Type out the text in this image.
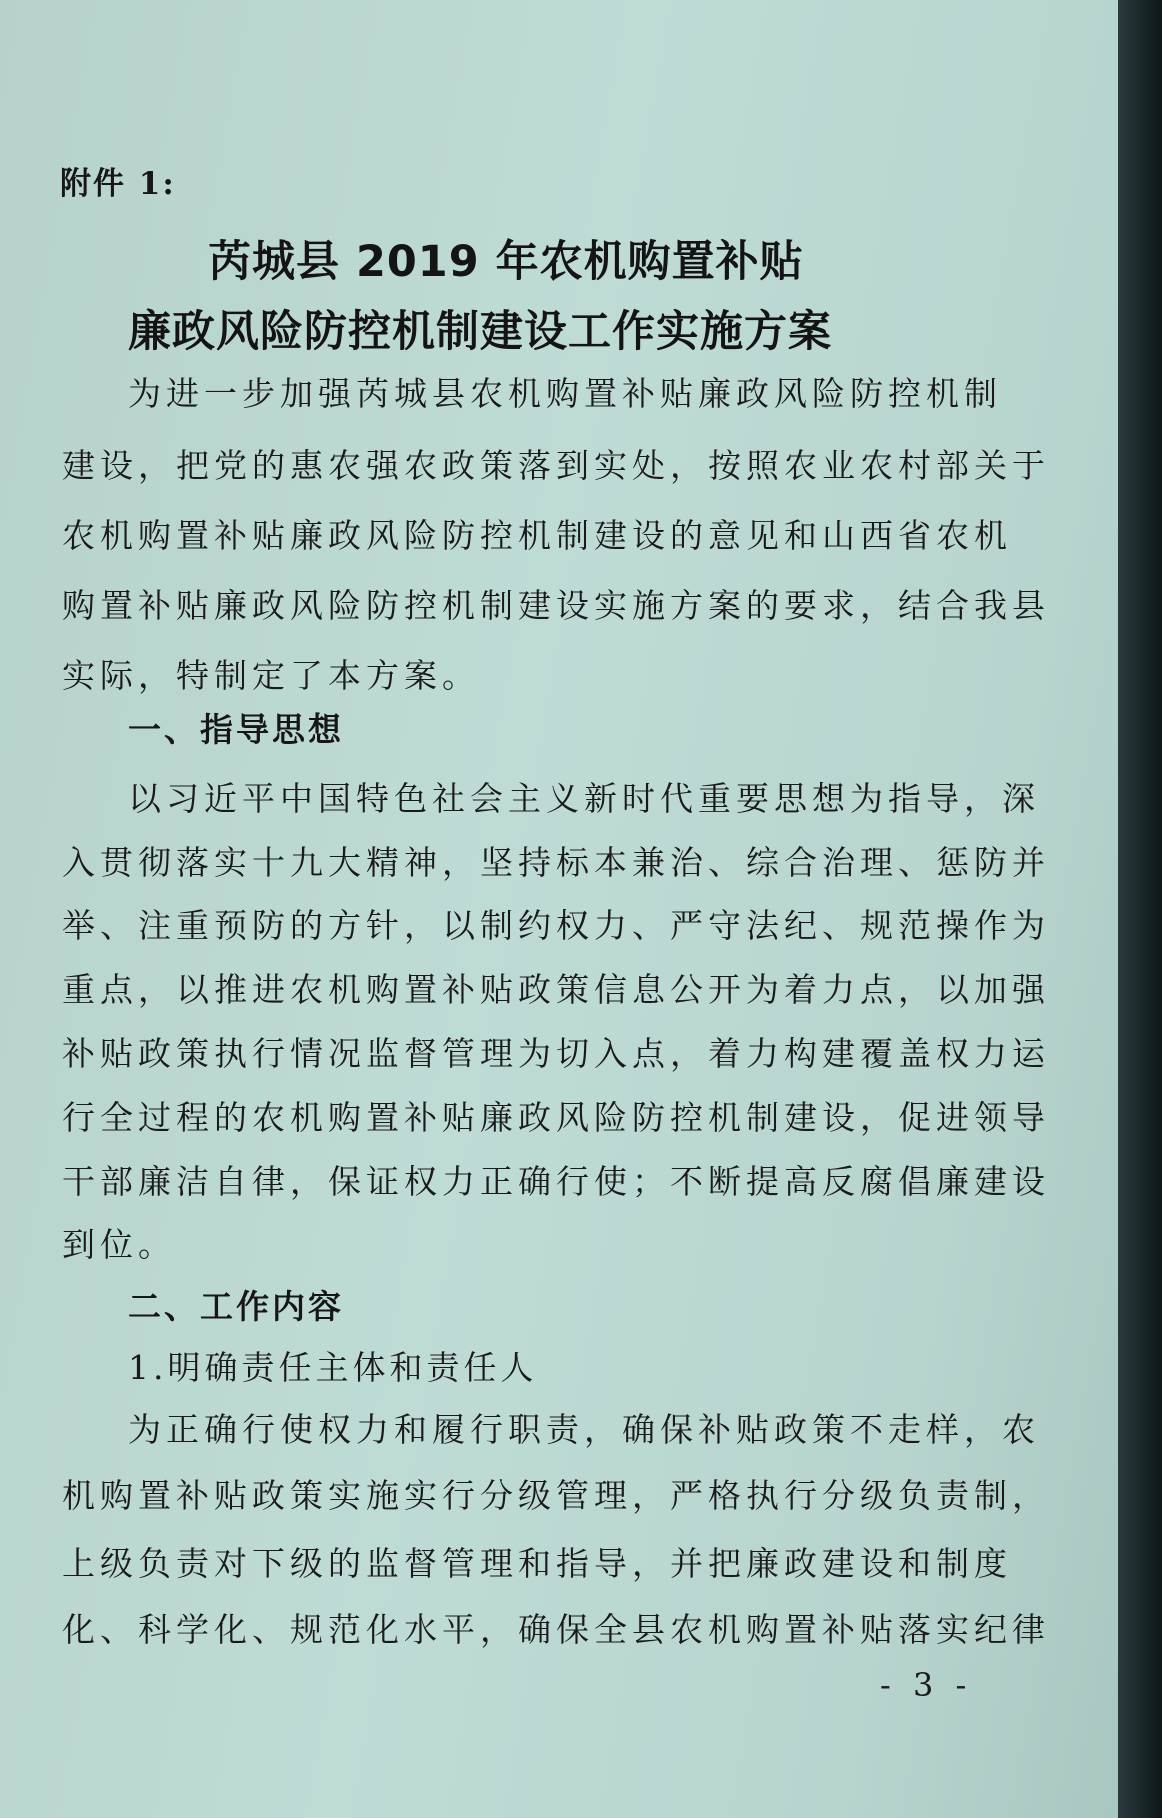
附件 1:
芮城县 2019 年农机购置补贴
廉政风险防控机制建设工作实施方案
为进一步加强芮城县农机购置补贴廉政风险防控机制
建设，把党的惠农强农政策落到实处，按照农业农村部关于
农机购置补贴廉政风险防控机制建设的意见和山西省农机
购置补贴廉政风险防控机制建设实施方案的要求，结合我县
实际，特制定了本方案。
一、指导思想
以习近平中国特色社会主义新时代重要思想为指导，深
入贯彻落实十九大精神，坚持标本兼治、综合治理、惩防并
举、注重预防的方针，以制约权力、严守法纪、规范操作为
重点，以推进农机购置补贴政策信息公开为着力点，以加强
补贴政策执行情况监督管理为切入点，着力构建覆盖权力运
行全过程的农机购置补贴廉政风险防控机制建设，促进领导
干部廉洁自律，保证权力正确行使；不断提高反腐倡廉建设
到位。
二、工作内容
1.明确责任主体和责任人
为正确行使权力和履行职责，确保补贴政策不走样，农
机购置补贴政策实施实行分级管理，严格执行分级负责制，
上级负责对下级的监督管理和指导，并把廉政建设和制度
化、科学化、规范化水平，确保全县农机购置补贴落实纪律
- 3 -
